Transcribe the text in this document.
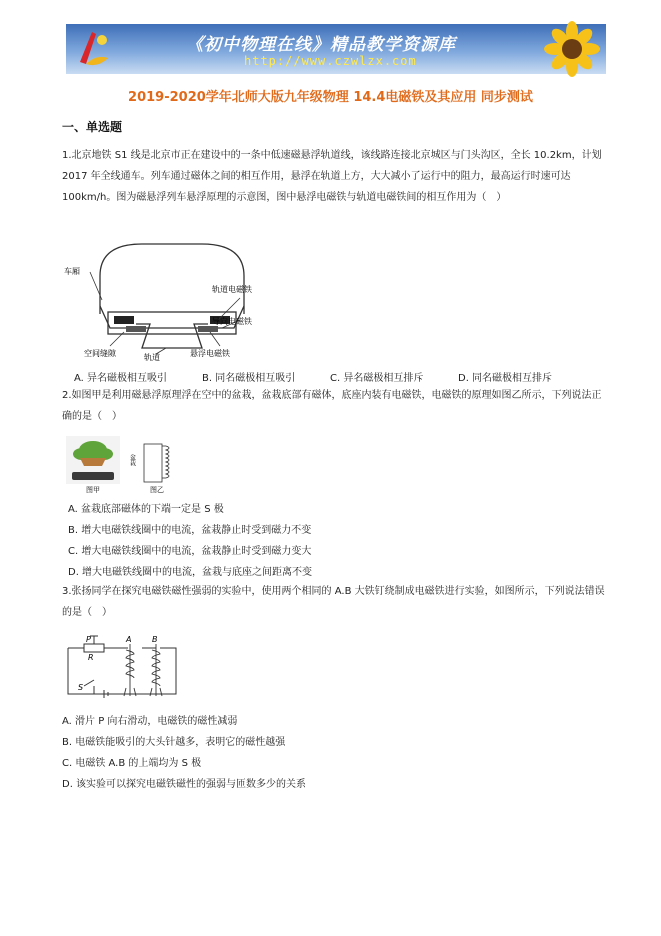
《初中物理在线》精品教学资源库
http://www.czwlzx.com
2019-2020学年北师大版九年级物理 14.4电磁铁及其应用 同步测试
一、单选题
1.北京地铁 S1 线是北京市正在建设中的一条中低速磁悬浮轨道线，该线路连接北京城区与门头沟区，全长 10.2km，计划 2017 年全线通车。列车通过磁体之间的相互作用，悬浮在轨道上方，大大减小了运行中的阻力，最高运行时速可达 100km/h。图为磁悬浮列车悬浮原理的示意图，图中悬浮电磁铁与轨道电磁铁间的相互作用为（　）
车厢
轨道电磁铁
导向电磁铁
空间缝隙	轨道	悬浮电磁铁
A. 异名磁极相互吸引	B. 同名磁极相互吸引	C. 异名磁极相互排斥	D. 同名磁极相互排斥
2.如图甲是利用磁悬浮原理浮在空中的盆栽，盆栽底部有磁体，底座内装有电磁铁，电磁铁的原理如图乙所示，下列说法正确的是（　）
图甲
盆栽
图乙
A. 盆栽底部磁体的下端一定是 S 极
B. 增大电磁铁线圈中的电流，盆栽静止时受到磁力不变
C. 增大电磁铁线圈中的电流，盆栽静止时受到磁力变大
D. 增大电磁铁线圈中的电流，盆栽与底座之间距离不变
3.张扬同学在探究电磁铁磁性强弱的实验中，使用两个相同的 A.B 大铁钉绕制成电磁铁进行实验，如图所示，下列说法错误的是（　）
P
R
A	B
S
A. 滑片 P 向右滑动，电磁铁的磁性减弱
B. 电磁铁能吸引的大头针越多，表明它的磁性越强
C. 电磁铁 A.B 的上端均为 S 极
D. 该实验可以探究电磁铁磁性的强弱与匝数多少的关系
